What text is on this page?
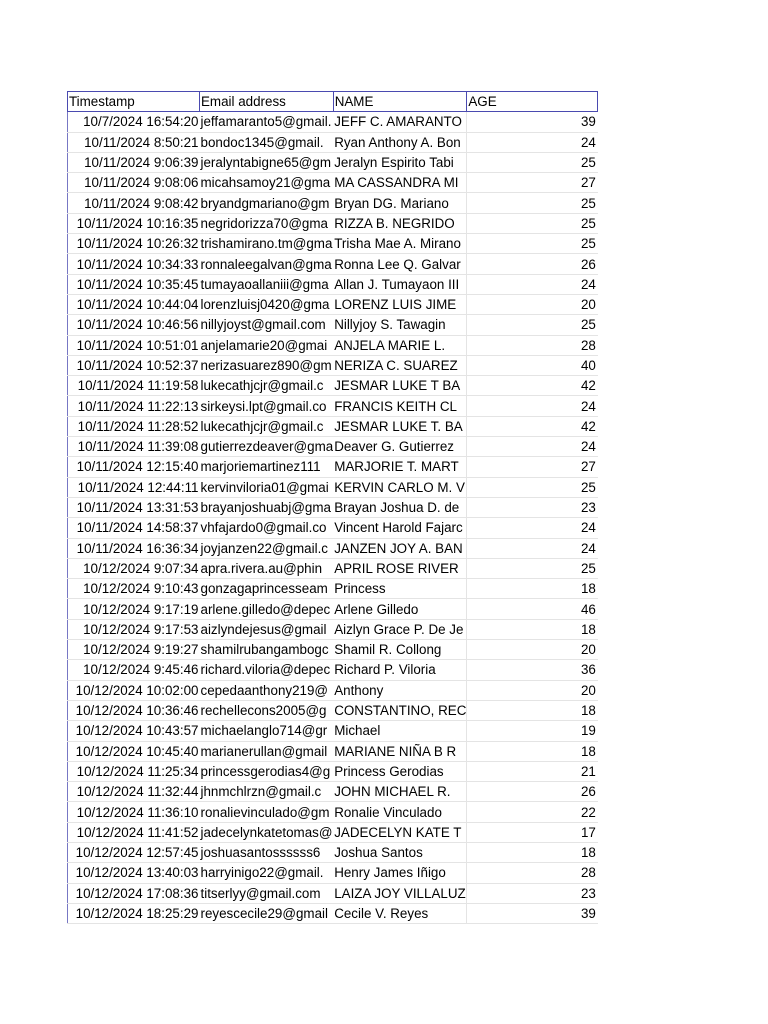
Timestamp	Email address	NAME	AGE
10/7/2024 16:54:20	jeffamaranto5@gmail.	JEFF C. AMARANTO	39
10/11/2024 8:50:21	bondoc1345@gmail.	Ryan Anthony A. Bon	24
10/11/2024 9:06:39	jeralyntabigne65@gm	Jeralyn Espirito Tabi	25
10/11/2024 9:08:06	micahsamoy21@gma	MA CASSANDRA MI	27
10/11/2024 9:08:42	bryandgmariano@gm	Bryan DG. Mariano	25
10/11/2024 10:16:35	negridorizza70@gma	RIZZA B. NEGRIDO	25
10/11/2024 10:26:32	trishamirano.tm@gma	Trisha Mae A. Mirano	25
10/11/2024 10:34:33	ronnaleegalvan@gma	Ronna Lee Q. Galvar	26
10/11/2024 10:35:45	tumayaoallaniii@gma	Allan J. Tumayaon III	24
10/11/2024 10:44:04	lorenzluisj0420@gma	LORENZ LUIS JIME	20
10/11/2024 10:46:56	nillyjoyst@gmail.com	Nillyjoy S. Tawagin	25
10/11/2024 10:51:01	anjelamarie20@gmai	ANJELA MARIE L.	28
10/11/2024 10:52:37	nerizasuarez890@gm	NERIZA C. SUAREZ	40
10/11/2024 11:19:58	lukecathjcjr@gmail.c	JESMAR LUKE T BA	42
10/11/2024 11:22:13	sirkeysi.lpt@gmail.co	FRANCIS KEITH CL	24
10/11/2024 11:28:52	lukecathjcjr@gmail.c	JESMAR LUKE T. BA	42
10/11/2024 11:39:08	gutierrezdeaver@gma	Deaver G. Gutierrez	24
10/11/2024 12:15:40	marjoriemartinez111	MARJORIE T. MART	27
10/11/2024 12:44:11	kervinviloria01@gmai	KERVIN CARLO M. V	25
10/11/2024 13:31:53	brayanjoshuabj@gma	Brayan Joshua D. de	23
10/11/2024 14:58:37	vhfajardo0@gmail.co	Vincent Harold Fajarc	24
10/11/2024 16:36:34	joyjanzen22@gmail.c	JANZEN JOY A. BAN	24
10/12/2024 9:07:34	apra.rivera.au@phin	APRIL ROSE RIVER	25
10/12/2024 9:10:43	gonzagaprincesseam	Princess	18
10/12/2024 9:17:19	arlene.gilledo@depec	Arlene Gilledo	46
10/12/2024 9:17:53	aizlyndejesus@gmail	Aizlyn Grace P. De Je	18
10/12/2024 9:19:27	shamilrubangambogc	Shamil R. Collong	20
10/12/2024 9:45:46	richard.viloria@depec	Richard P. Viloria	36
10/12/2024 10:02:00	cepedaanthony219@	Anthony	20
10/12/2024 10:36:46	rechellecons2005@g	CONSTANTINO, REC	18
10/12/2024 10:43:57	michaelanglo714@gr	Michael	19
10/12/2024 10:45:40	marianerullan@gmail	MARIANE NIÑA B R	18
10/12/2024 11:25:34	princessgerodias4@g	Princess Gerodias	21
10/12/2024 11:32:44	jhnmchlrzn@gmail.c	JOHN MICHAEL R.	26
10/12/2024 11:36:10	ronalievinculado@gm	Ronalie Vinculado	22
10/12/2024 11:41:52	jadecelynkatetomas@	JADECELYN KATE T	17
10/12/2024 12:57:45	joshuasantossssss6	Joshua Santos	18
10/12/2024 13:40:03	harryinigo22@gmail.	Henry James Iñigo	28
10/12/2024 17:08:36	titserlyy@gmail.com	LAIZA JOY VILLALUZ	23
10/12/2024 18:25:29	reyescecile29@gmail	Cecile V. Reyes	39
